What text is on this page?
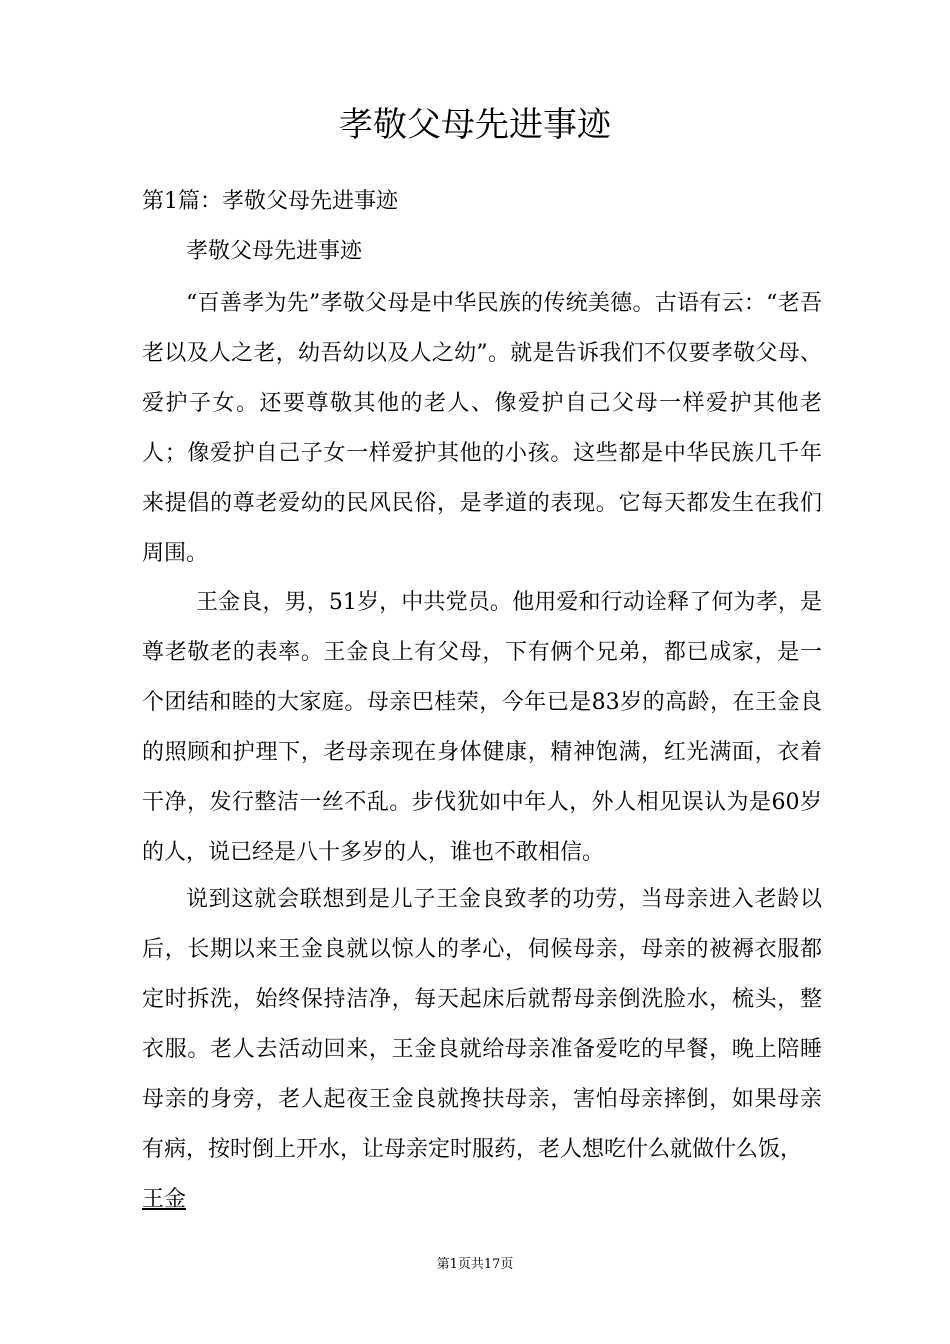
孝敬父母先进事迹

第1篇：孝敬父母先进事迹

孝敬父母先进事迹

“百善孝为先”孝敬父母是中华民族的传统美德。古语有云：“老吾老以及人之老，幼吾幼以及人之幼”。就是告诉我们不仅要孝敬父母、爱护子女。还要尊敬其他的老人、像爱护自己父母一样爱护其他老人；像爱护自己子女一样爱护其他的小孩。这些都是中华民族几千年来提倡的尊老爱幼的民风民俗，是孝道的表现。它每天都发生在我们周围。

王金良，男，51岁，中共党员。他用爱和行动诠释了何为孝，是尊老敬老的表率。王金良上有父母，下有俩个兄弟，都已成家，是一个团结和睦的大家庭。母亲巴桂荣，今年已是83岁的高龄，在王金良的照顾和护理下，老母亲现在身体健康，精神饱满，红光满面，衣着干净，发行整洁一丝不乱。步伐犹如中年人，外人相见误认为是60岁的人，说已经是八十多岁的人，谁也不敢相信。

说到这就会联想到是儿子王金良致孝的功劳，当母亲进入老龄以后，长期以来王金良就以惊人的孝心，伺候母亲，母亲的被褥衣服都定时拆洗，始终保持洁净，每天起床后就帮母亲倒洗脸水，梳头，整衣服。老人去活动回来，王金良就给母亲准备爱吃的早餐，晚上陪睡母亲的身旁，老人起夜王金良就搀扶母亲，害怕母亲摔倒，如果母亲有病，按时倒上开水，让母亲定时服药，老人想吃什么就做什么饭，

王金

第1页共17页
